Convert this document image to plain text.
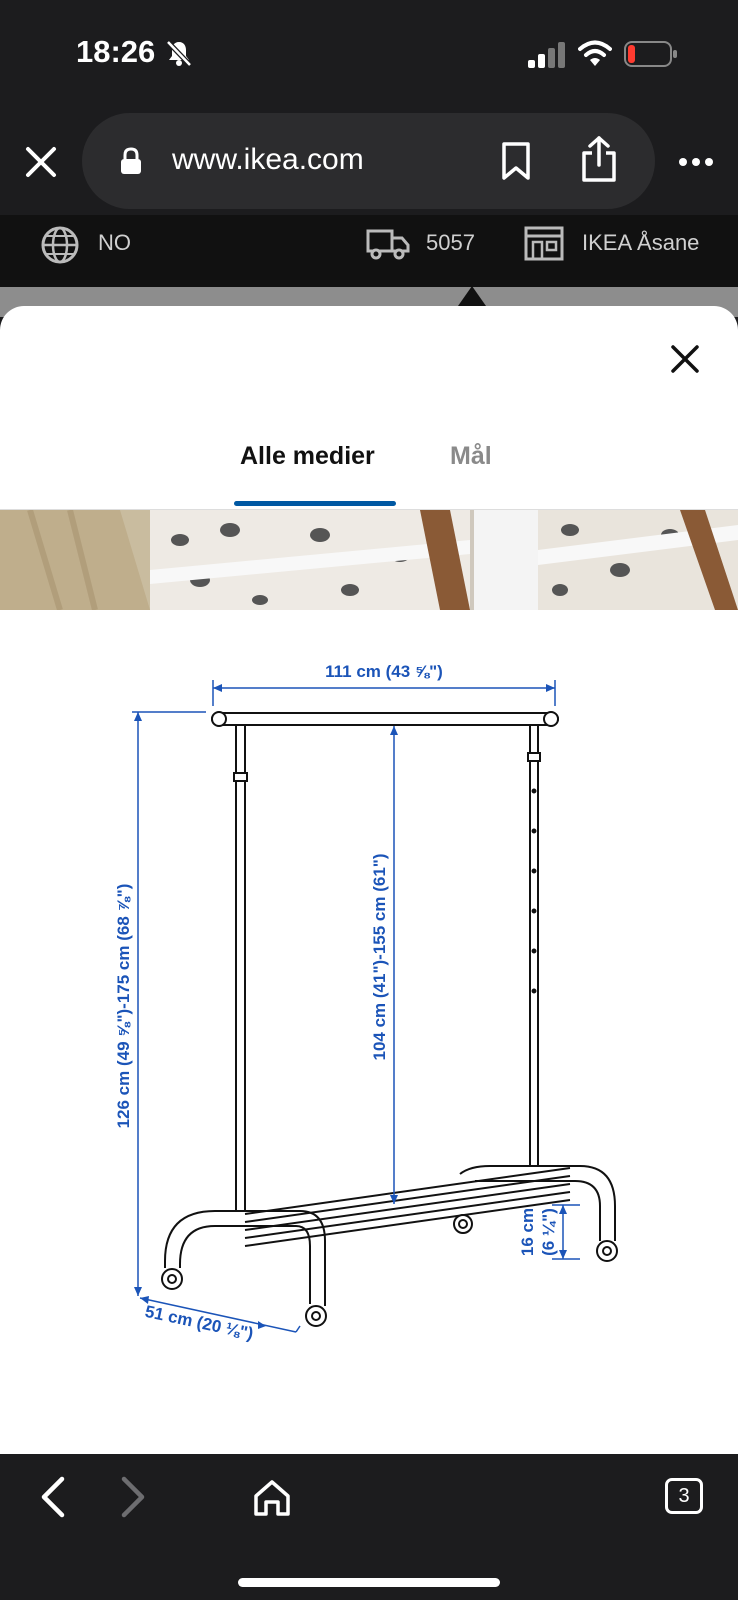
18:26
www.ikea.com
NO	5057	IKEA Åsane
Alle medier	Mål
111 cm (43 ⅝")
126 cm (49 ⅝")-175 cm (68 ⅞")	104 cm (41")-155 cm (61")
51 cm (20 ⅛")
16 cm (6 ¼")
3
